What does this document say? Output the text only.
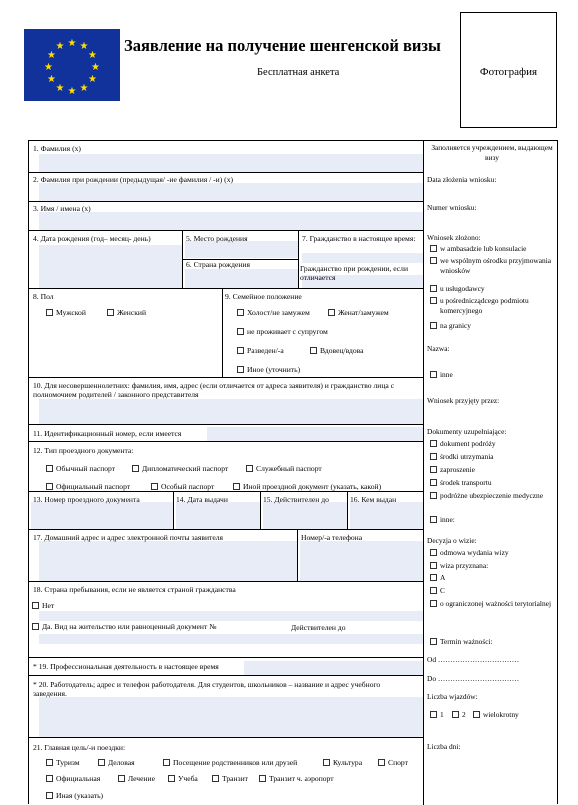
★ ★
★
★
★
★
★
★
★
★
★
★	Заявление на получение шенгенской визы
Бесплатная анкета	Фотография
1. Фамилия (x)
2. Фамилия при рождении (предыдущая/ -ие фамилия / -и) (x)
3. Имя / имена (x)
4. Дата рождения (год– месяц- день)	5. Место рождения
6. Страна рождения
7. Гражданство в настоящее время:
Гражданство при рождении, если отличается
8. Пол
Мужской	Женский
9. Семейное положение
Холост/не замужем	Женат/замужем
не проживает с супругом
Разведен/-а	Вдовец/вдова
Иное (уточнить)
10. Для несовершеннолетних: фамилия, имя, адрес (если отличается от адреса заявителя) и гражданство лица с полномочием родителей / законного представителя
11. Идентификационный номер, если имеется
12. Тип проездного документа:
Обычный паспорт	Дипломатический паспорт	Служебный паспорт
Официальный паспорт	Особый паспорт	Иной проездной документ (указать, какой)
13. Номер проездного документа	14. Дата выдачи	15. Действителен до	16. Кем выдан
17. Домашний адрес и адрес электронной почты заявителя	Номер/-а телефона
18. Страна пребывания, если не является страной гражданства
Нет
Да. Вид на жительство или равноценный документ №	Действителен до
* 19. Профессиональная деятельность в настоящее время
* 20. Работодатель; адрес и телефон работодателя. Для студентов, школьников – название и адрес учебного заведения.
21. Главная цель/-и поездки:
Туризм	Деловая	Посещение родственников или друзей	Культура	Спорт
Официальная	Лечение	Учеба	Транзит	Транзит ч. аэропорт
Иная (указать)
Заполняется учреждением, выдающем визу
Data złożenia wniosku:
Numer wniosku:
Wniosek złożono:
w ambasadzie lub konsulacie
we wspólnym ośrodku przyjmowania wniosków
u usługodawcy
u pośrednicządcego podmiotu komercyjnego
na granicy
Nazwa:
inne
Wniosek przyjęty przez:
Dokumenty uzupełniające:
dokument podróży
środki utrzymania
zaproszenie
środek transportu
podróżne ubezpieczenie medyczne
inne:
Decyzja o wizie:
odmowa wydania wizy
wiza przyznana:
A
C
o ograniczonej ważności terytorialnej
Termin ważności:
Od ……………………………
Do ……………………………
Liczba wjazdów:
1	2	wielokrotny
Liczba dni:
